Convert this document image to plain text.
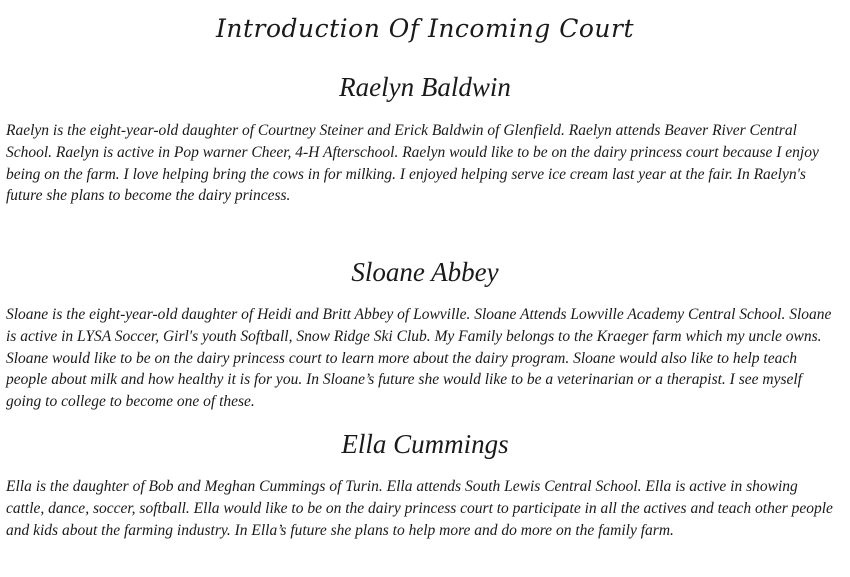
Introduction Of Incoming Court
Raelyn Baldwin

Raelyn is the eight-year-old daughter of Courtney Steiner and Erick Baldwin of Glenfield. Raelyn attends Beaver River Central School. Raelyn is active in Pop warner Cheer, 4-H Afterschool. Raelyn would like to be on the dairy princess court because I enjoy being on the farm. I love helping bring the cows in for milking. I enjoyed helping serve ice cream last year at the fair. In Raelyn's future she plans to become the dairy princess.

Sloane Abbey

Sloane is the eight-year-old daughter of Heidi and Britt Abbey of Lowville. Sloane Attends Lowville Academy Central School. Sloane is active in LYSA Soccer, Girl's youth Softball, Snow Ridge Ski Club. My Family belongs to the Kraeger farm which my uncle owns. Sloane would like to be on the dairy princess court to learn more about the dairy program. Sloane would also like to help teach people about milk and how healthy it is for you. In Sloane’s future she would like to be a veterinarian or a therapist. I see myself going to college to become one of these.

Ella Cummings

Ella is the daughter of Bob and Meghan Cummings of Turin. Ella attends South Lewis Central School. Ella is active in showing cattle, dance, soccer, softball. Ella would like to be on the dairy princess court to participate in all the actives and teach other people and kids about the farming industry. In Ella’s future she plans to help more and do more on the family farm.
